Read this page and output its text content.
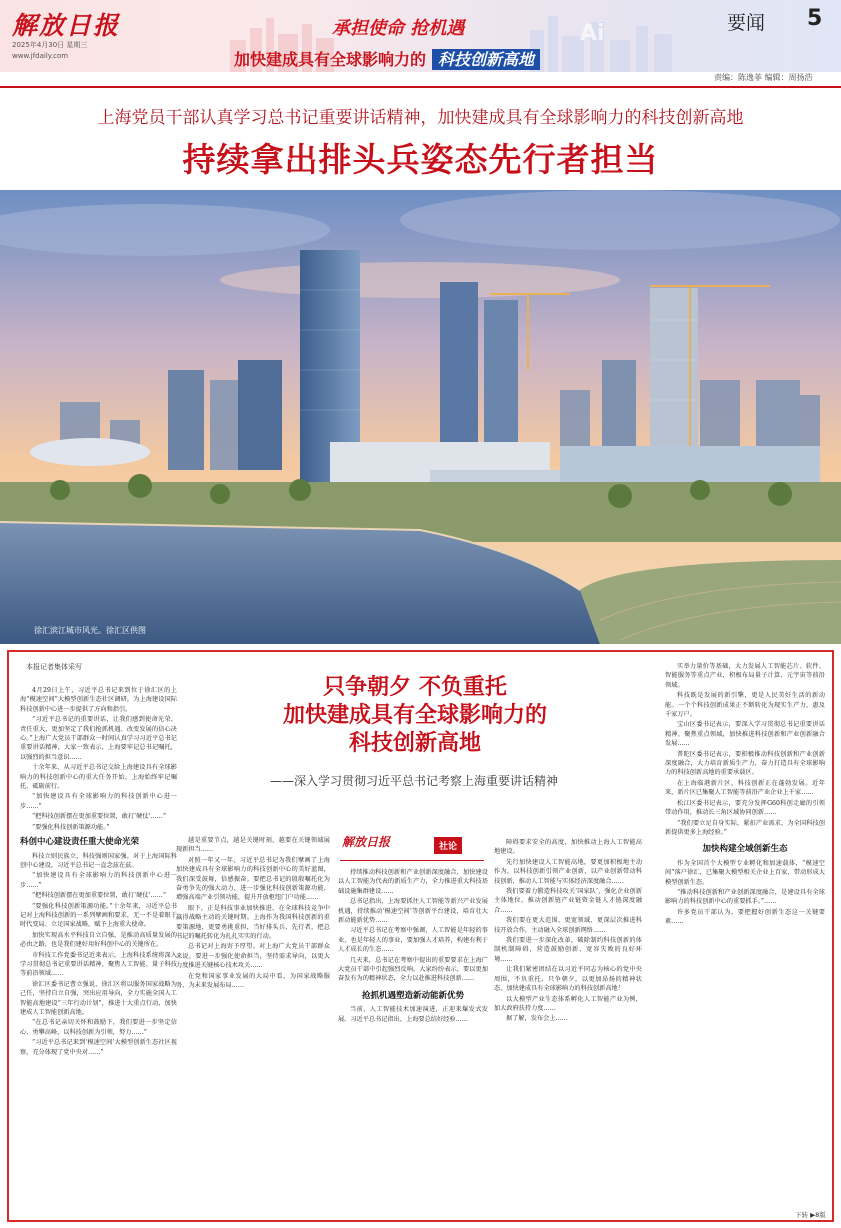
Ai
解放日报
2025年4月30日 星期三
www.jfdaily.com
承担使命 抢机遇
加快建成具有全球影响力的 科技创新高地
要闻 5
责编：陈逸菲 编辑：周扬浩
上海党员干部认真学习总书记重要讲话精神，加快建成具有全球影响力的科技创新高地
持续拿出排头兵姿态先行者担当
徐汇滨江城市风光。徐汇区供图
本报记者集体采写

4月29日上午，习近平总书记来到位于徐汇区的上海“模速空间”大模型创新生态社区调研，为上海建设国际科技创新中心进一步提供了方向和指引。

“习近平总书记的重要讲话，让我们感到使命光荣、责任重大，更加坚定了我们抢抓机遇、改变发展的信心决心。”上海广大党员干部群众一时间认真学习习近平总书记重要讲话精神，大家一致表示，上海要牢记总书记嘱托，以强烈的担当意识……

十余年来，从习近平总书记交给上海建设具有全球影响力的科技创新中心的重大任务开始，上海始终牢记嘱托、砥砺前行。

“加快建设具有全球影响力的科技创新中心进一步……”

“把科技创新摆在更加重要位置，敢打‘硬仗’……”

“要强化科技创新策源功能。”

科创中心建设责任重大使命光荣

科技立则民族立，科技强则国家强。对于上海国际科创中心建设，习近平总书记一直念兹在兹。

“加快建设具有全球影响力的科技创新中心进一步……”

“把科技创新摆在更加重要位置，敢打‘硬仗’……”

“要强化科技创新策源功能。”十余年来，习近平总书记对上海科技创新的一系列擘画和要求，无一不是着眼于时代变局、立足国家战略，赋予上海重大使命。

加快实现高水平科技自立自强，是推动高质量发展的必由之路，也是我们建好用好科创中心的关键所在。

市科技工作党委书记近来表示，上海科技系统将深入学习贯彻总书记重要讲话精神，聚焦人工智能、量子科技等前沿领域……

徐汇区委书记曹立强说，徐汇区将以服务国家战略为己任，坚持自立自强，突出应用导向，全力实施全国人工智能高地建设“三年行动计划”，推进十大重点行动，加快建成人工智能创新高地。

“在总书记亲切关怀和鼓励下，我们要进一步坚定信心、勇攀高峰，以科技创新为引领，努力……”

“习近平总书记来到‘模速空间’大模型创新生态社区视察，充分体现了党中央对……”

只争朝夕 不负重托
加快建成具有全球影响力的
科技创新高地
——深入学习贯彻习近平总书记考察上海重要讲话精神

越是重要节点，越是关键时刻，越要在关键领域展现新担当……

对照一年又一年，习近平总书记为我们擘画了上海加快建成具有全球影响力的科技创新中心的美好蓝图，我们深受鼓舞，倍感振奋。要把总书记的殷殷嘱托化为奋勇争先的强大动力，进一步强化科技创新策源功能，增强高端产业引领功能，提升开放枢纽门户功能……

眼下，正是科技事业加快推进、在全球科技竞争中赢得战略主动的关键时期。上海作为我国科技创新的重要策源地，更要勇挑重担，当好排头兵、先行者，把总书记的嘱托转化为扎扎实实的行动。

总书记对上海寄予厚望。对上海广大党员干部群众来说，要进一步强化使命担当，坚持需求导向，以更大力度推进关键核心技术攻关……

在党和国家事业发展的大局中看，为国家战略服务、为未来发展布局……

解放日报	社论

持续推动科技创新和产业创新深度融合，加快建设以人工智能为代表的新质生产力，全力推进重大科技基础设施集群建设……

总书记指出，上海要抓住人工智能等新兴产业发展机遇，持续推动‘模速空间’等创新平台建设，培育壮大新动能新优势……

习近平总书记在考察中强调，人工智能是年轻的事业，也是年轻人的事业，要加强人才培养，构建有利于人才成长的生态……

几天来，总书记在考察中提出的重要要求在上海广大党员干部中引起强烈反响。大家纷纷表示，要以更加奋发有为的精神状态，全力以赴推进科技创新……

抢抓机遇塑造新动能新优势

当前，人工智能技术加速演进，正迎来爆发式发展。习近平总书记指出，上海要总结好经验……

障碍要求安全的高度，加快推动上海人工智能高地建设。

先行加快建设人工智能高地，要更加积极地主动作为，以科技创新引领产业创新，以产业创新带动科技创新，推动人工智能与实体经济深度融合……

我们要着力锻造科技攻关‘国家队’，强化企业创新主体地位，推动创新链产业链资金链人才链深度融合……

我们要在更大范围、更宽领域、更深层次推进科技开放合作，主动融入全球创新网络……

我们要进一步深化改革，破除制约科技创新的体制机制障碍，营造鼓励创新、宽容失败的良好环境……

让我们紧密团结在以习近平同志为核心的党中央周围，不负重托、只争朝夕，以更加昂扬的精神状态，加快建成具有全球影响力的科技创新高地！

以大模型产业生态体系孵化人工智能产业为例，加大政府扶持力度……

据了解，发布会上……

实举力量价等基础，大力发展人工智能芯片、软件、智能服务等重点产业，积极布局量子计算、元宇宙等前沿领域。

科技既是发展的新引擎，更是人民美好生活的新动能。一个个科技创新成果正不断转化为现实生产力，惠及千家万户。

宝山区委书记表示，要深入学习贯彻总书记重要讲话精神，聚焦重点领域，加快推进科技创新和产业创新融合发展……

普陀区委书记表示，要积极推动科技创新和产业创新深度融合，大力培育新质生产力，奋力打造具有全球影响力的科技创新高地的重要承载区。

在上海临港新片区，科技创新正在蓬勃发展。近年来，新片区已集聚人工智能等前沿产业企业上千家……

松江区委书记表示，要充分发挥G60科创走廊的引领带动作用，推动长三角区域协同创新……

“我们要立足自身实际，紧扣产业需求，为全国科技创新提供更多上海经验。”

加快构建全域创新生态

作为全国首个大模型专业孵化和加速载体，“模速空间”落户徐汇，已集聚大模型相关企业上百家，带动形成大模型创新生态。

“推动科技创新和产业创新深度融合，是建设具有全球影响力的科技创新中心的重要抓手。”……

许多党员干部认为，要把握好创新生态这一关键要素……

下转 ▶8版
